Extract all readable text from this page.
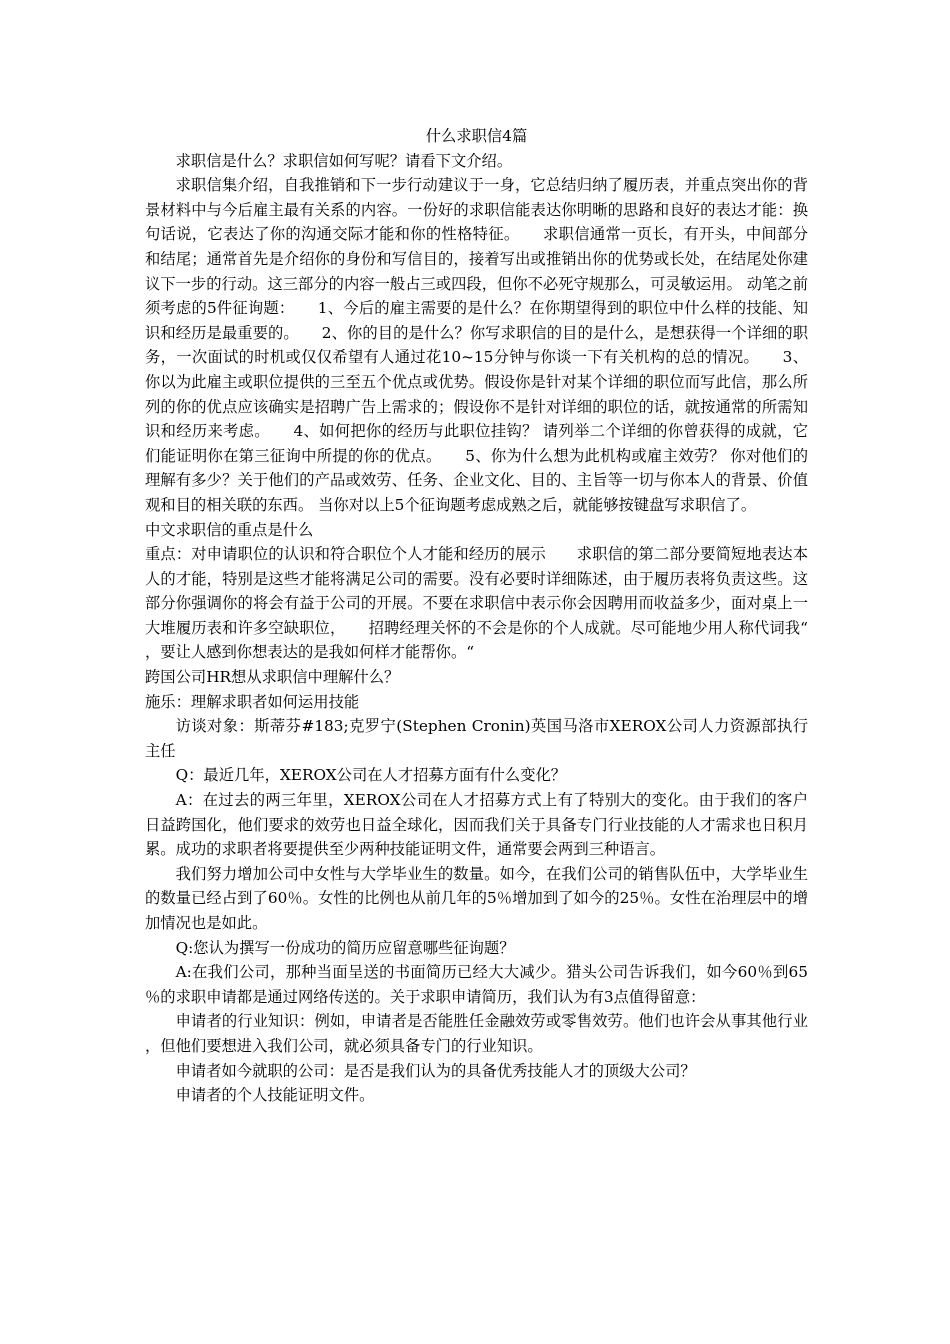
什么求职信4篇

求职信是什么？求职信如何写呢？请看下文介绍。

求职信集介绍，自我推销和下一步行动建议于一身，它总结归纳了履历表，并重点突出你的背景材料中与今后雇主最有关系的内容。一份好的求职信能表达你明晰的思路和良好的表达才能：换句话说，它表达了你的沟通交际才能和你的性格特征。　　求职信通常一页长，有开头，中间部分和结尾；通常首先是介绍你的身份和写信目的，接着写出或推销出你的优势或长处，在结尾处你建议下一步的行动。这三部分的内容一般占三或四段，但你不必死守规那么，可灵敏运用。 动笔之前须考虑的5件征询题：　　1、今后的雇主需要的是什么？在你期望得到的职位中什么样的技能、知识和经历是最重要的。　　2、你的目的是什么？你写求职信的目的是什么，是想获得一个详细的职务，一次面试的时机或仅仅希望有人通过花10~15分钟与你谈一下有关机构的总的情况。　　3、 你以为此雇主或职位提供的三至五个优点或优势。假设你是针对某个详细的职位而写此信，那么所列的你的优点应该确实是招聘广告上需求的；假设你不是针对详细的职位的话，就按通常的所需知识和经历来考虑。　　4、如何把你的经历与此职位挂钩？ 请列举二个详细的你曾获得的成就，它们能证明你在第三征询中所提的你的优点。　　5、你为什么想为此机构或雇主效劳？ 你对他们的理解有多少？关于他们的产品或效劳、任务、企业文化、目的、主旨等一切与你本人的背景、价值观和目的相关联的东西。 当你对以上5个征询题考虑成熟之后，就能够按键盘写求职信了。

中文求职信的重点是什么

重点：对申请职位的认识和符合职位个人才能和经历的展示　　求职信的第二部分要简短地表达本人的才能，特别是这些才能将满足公司的需要。没有必要时详细陈述，由于履历表将负责这些。这部分你强调你的将会有益于公司的开展。不要在求职信中表示你会因聘用而收益多少，面对桌上一大堆履历表和许多空缺职位，　　招聘经理关怀的不会是你的个人成就。尽可能地少用人称代词我“，要让人感到你想表达的是我如何样才能帮你。“

跨国公司HR想从求职信中理解什么？

施乐：理解求职者如何运用技能

访谈对象：斯蒂芬#183;克罗宁(Stephen Cronin)英国马洛市XEROX公司人力资源部执行主任

Q：最近几年，XEROX公司在人才招募方面有什么变化？

A：在过去的两三年里，XEROX公司在人才招募方式上有了特别大的变化。由于我们的客户日益跨国化，他们要求的效劳也日益全球化，因而我们关于具备专门行业技能的人才需求也日积月累。成功的求职者将要提供至少两种技能证明文件，通常要会两到三种语言。

我们努力增加公司中女性与大学毕业生的数量。如今，在我们公司的销售队伍中，大学毕业生的数量已经占到了60％。女性的比例也从前几年的5％增加到了如今的25％。女性在治理层中的增加情况也是如此。

Q:您认为撰写一份成功的简历应留意哪些征询题？

A:在我们公司，那种当面呈送的书面简历已经大大减少。猎头公司告诉我们，如今60％到65％的求职申请都是通过网络传送的。关于求职申请简历，我们认为有3点值得留意：

申请者的行业知识：例如，申请者是否能胜任金融效劳或零售效劳。他们也许会从事其他行业，但他们要想进入我们公司，就必须具备专门的行业知识。

申请者如今就职的公司：是否是我们认为的具备优秀技能人才的顶级大公司？

申请者的个人技能证明文件。
